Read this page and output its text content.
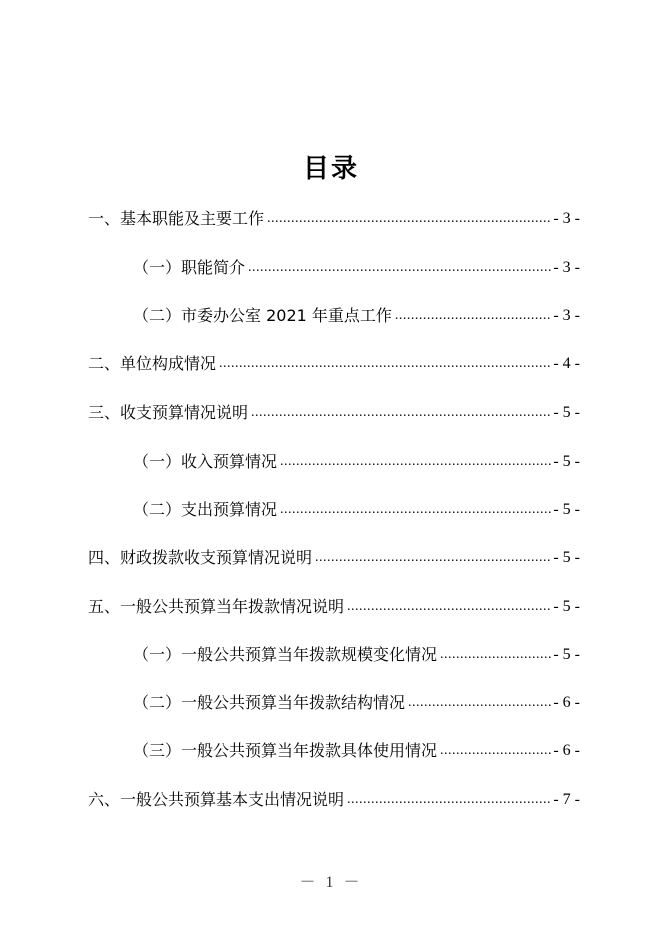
目录
一、基本职能及主要工作 .....	- 3 -
（一）职能简介 .....	- 3 -
（二）市委办公室 2021 年重点工作 .....	- 3 -
二、单位构成情况 .....	- 4 -
三、收支预算情况说明 .....	- 5 -
（一）收入预算情况 .....	- 5 -
（二）支出预算情况 .....	- 5 -
四、财政拨款收支预算情况说明 .....	- 5 -
五、一般公共预算当年拨款情况说明 .....	- 5 -
（一）一般公共预算当年拨款规模变化情况 .....	- 5 -
（二）一般公共预算当年拨款结构情况 .....	- 6 -
（三）一般公共预算当年拨款具体使用情况 .....	- 6 -
六、一般公共预算基本支出情况说明 .....	- 7 -
－ 1 －
